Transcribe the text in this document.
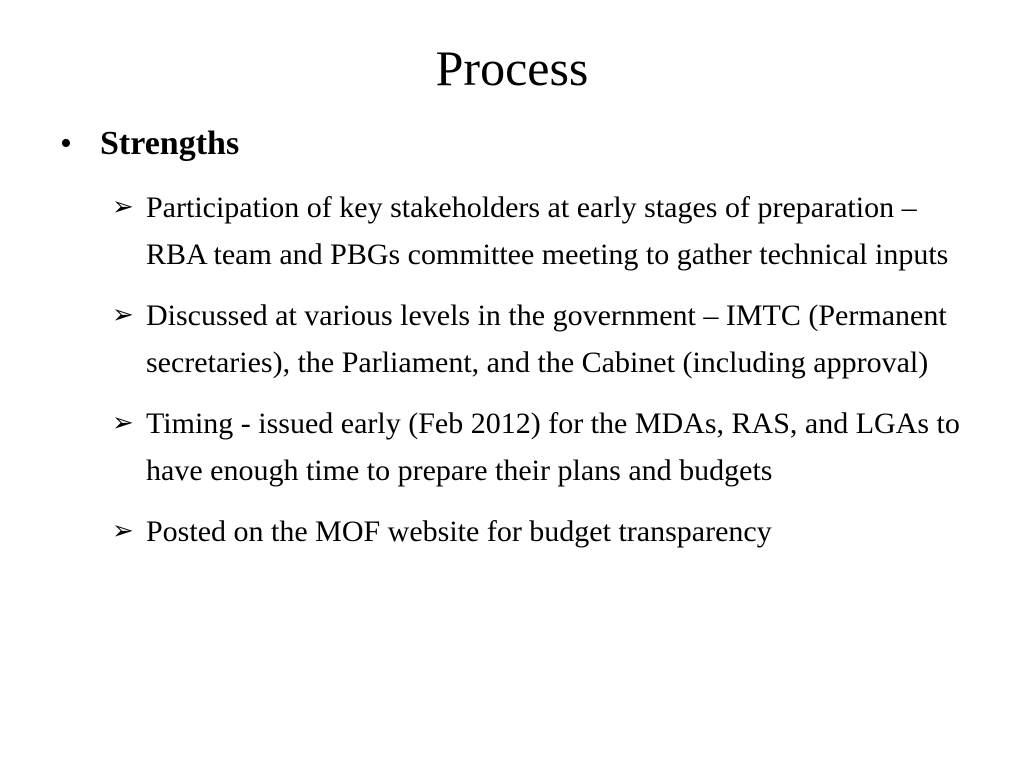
Process
• Strengths
➢ Participation of key stakeholders at early stages of preparation – RBA team and PBGs committee meeting to gather technical inputs
➢ Discussed at various levels in the government – IMTC (Permanent secretaries), the Parliament, and the Cabinet (including approval)
➢ Timing - issued early (Feb 2012) for the MDAs, RAS, and LGAs to have enough time to prepare their plans and budgets
➢ Posted on the MOF website for budget transparency
